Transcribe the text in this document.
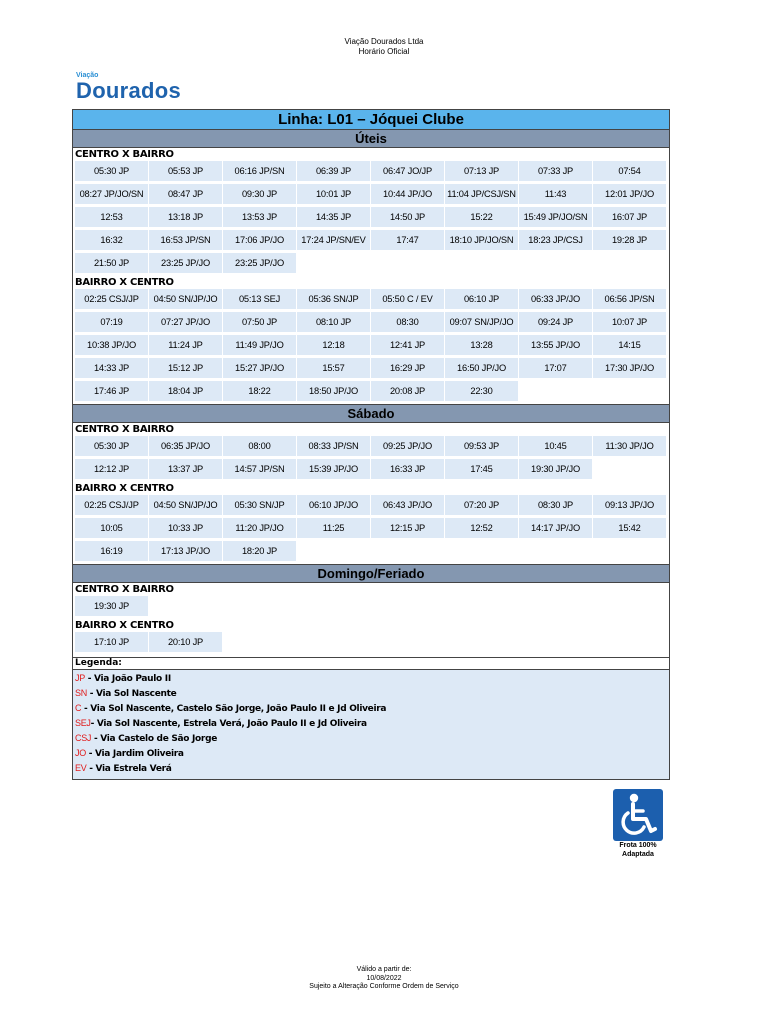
Viação Dourados Ltda
Horário Oficial
Viação
Dourados
Linha: L01 – Jóquei Clube
Úteis
CENTRO X BAIRRO
05:30 JP	05:53 JP	06:16 JP/SN	06:39 JP	06:47 JO/JP	07:13 JP	07:33 JP	07:54
08:27 JP/JO/SN	08:47 JP	09:30 JP	10:01 JP	10:44 JP/JO	11:04 JP/CSJ/SN	11:43	12:01 JP/JO
12:53	13:18 JP	13:53 JP	14:35 JP	14:50 JP	15:22	15:49 JP/JO/SN	16:07 JP
16:32	16:53 JP/SN	17:06 JP/JO	17:24 JP/SN/EV	17:47	18:10 JP/JO/SN	18:23 JP/CSJ	19:28 JP
21:50 JP	23:25 JP/JO	23:25 JP/JO
BAIRRO X CENTRO
02:25 CSJ/JP	04:50 SN/JP/JO	05:13 SEJ	05:36 SN/JP	05:50 C / EV	06:10 JP	06:33 JP/JO	06:56 JP/SN
07:19	07:27 JP/JO	07:50 JP	08:10 JP	08:30	09:07 SN/JP/JO	09:24 JP	10:07 JP
10:38 JP/JO	11:24 JP	11:49 JP/JO	12:18	12:41 JP	13:28	13:55 JP/JO	14:15
14:33 JP	15:12 JP	15:27 JP/JO	15:57	16:29 JP	16:50 JP/JO	17:07	17:30 JP/JO
17:46 JP	18:04 JP	18:22	18:50 JP/JO	20:08 JP	22:30
Sábado
CENTRO X BAIRRO
05:30 JP	06:35 JP/JO	08:00	08:33 JP/SN	09:25 JP/JO	09:53 JP	10:45	11:30 JP/JO
12:12 JP	13:37 JP	14:57 JP/SN	15:39 JP/JO	16:33 JP	17:45	19:30 JP/JO
BAIRRO X CENTRO
02:25 CSJ/JP	04:50 SN/JP/JO	05:30 SN/JP	06:10 JP/JO	06:43 JP/JO	07:20 JP	08:30 JP	09:13 JP/JO
10:05	10:33 JP	11:20 JP/JO	11:25	12:15 JP	12:52	14:17 JP/JO	15:42
16:19	17:13 JP/JO	18:20 JP
Domingo/Feriado
CENTRO X BAIRRO
19:30 JP
BAIRRO X CENTRO
17:10 JP	20:10 JP
Legenda:
JP - Via João Paulo II
SN - Via Sol Nascente
C - Via Sol Nascente, Castelo São Jorge, João Paulo II e Jd Oliveira
SEJ- Via Sol Nascente, Estrela Verá, João Paulo II e Jd Oliveira
CSJ - Via Castelo de São Jorge
JO - Via Jardim Oliveira
EV - Via Estrela Verá
Frota 100% Adaptada
Válido a partir de:
10/08/2022
Sujeito a Alteração Conforme Ordem de Serviço
